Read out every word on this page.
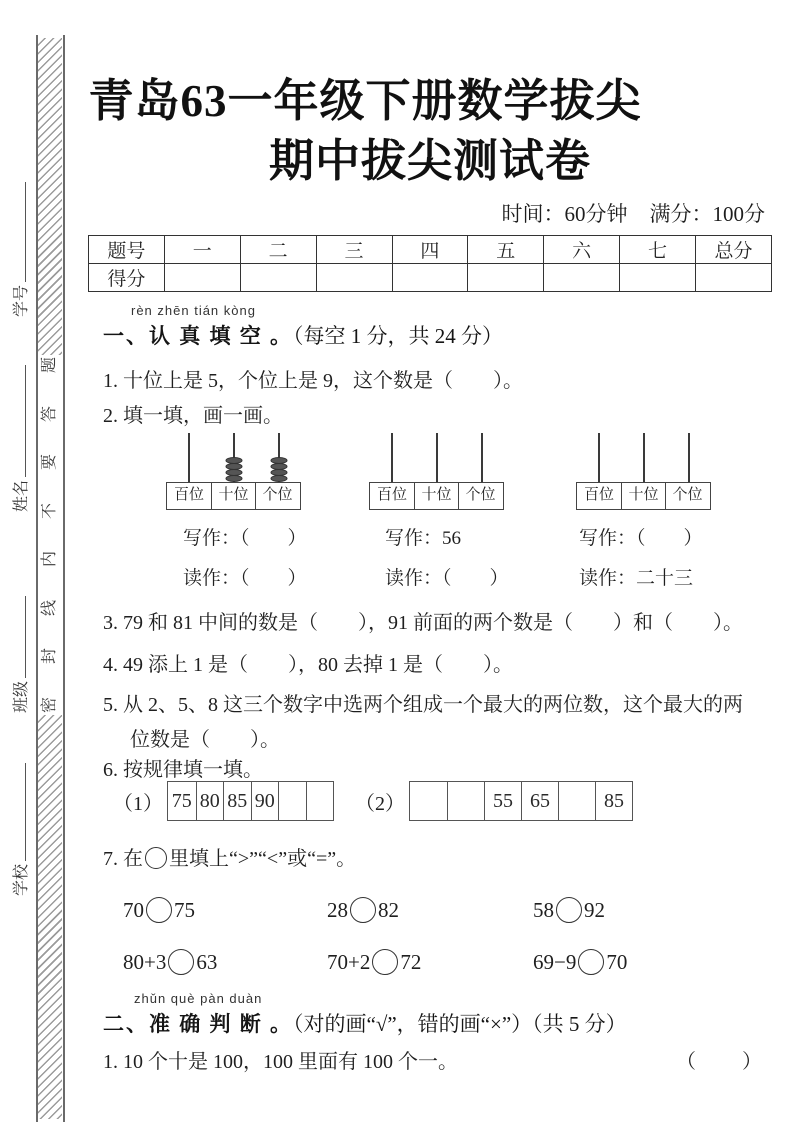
题
答
要
不
内
线
封
密
学号
姓名
班级
学校
青岛63一年级下册数学拔尖
期中拔尖测试卷
时间：60分钟 满分：100分
题号	一	二	三	四	五	六	七	总分
得分								
rèn zhēn tián kòng
一、认 真 填 空 。（每空 1 分，共 24 分）
1. 十位上是 5，个位上是 9，这个数是（　　）。
2. 填一填，画一画。
百位 十位 个位
写作：（　　）
读作：（　　）
百位 十位 个位
写作：56
读作：（　　）
百位 十位 个位
写作：（　　）
读作：二十三
3. 79 和 81 中间的数是（　　），91 前面的两个数是（　　）和（　　）。
4. 49 添上 1 是（　　），80 去掉 1 是（　　）。
5. 从 2、5、8 这三个数字中选两个组成一个最大的两位数，这个最大的两
位数是（　　）。
6. 按规律填一填。
（1） 75 80 85 90	（2）	55 65	85
7. 在 里填上“>”“<”或“=”。
70 75	28 82	58 92
80+3 63	70+2 72	69−9 70
zhǔn què pàn duàn
二、准 确 判 断 。（对的画“√”，错的画“×”）（共 5 分）
1. 10 个十是 100，100 里面有 100 个一。	（　　）
